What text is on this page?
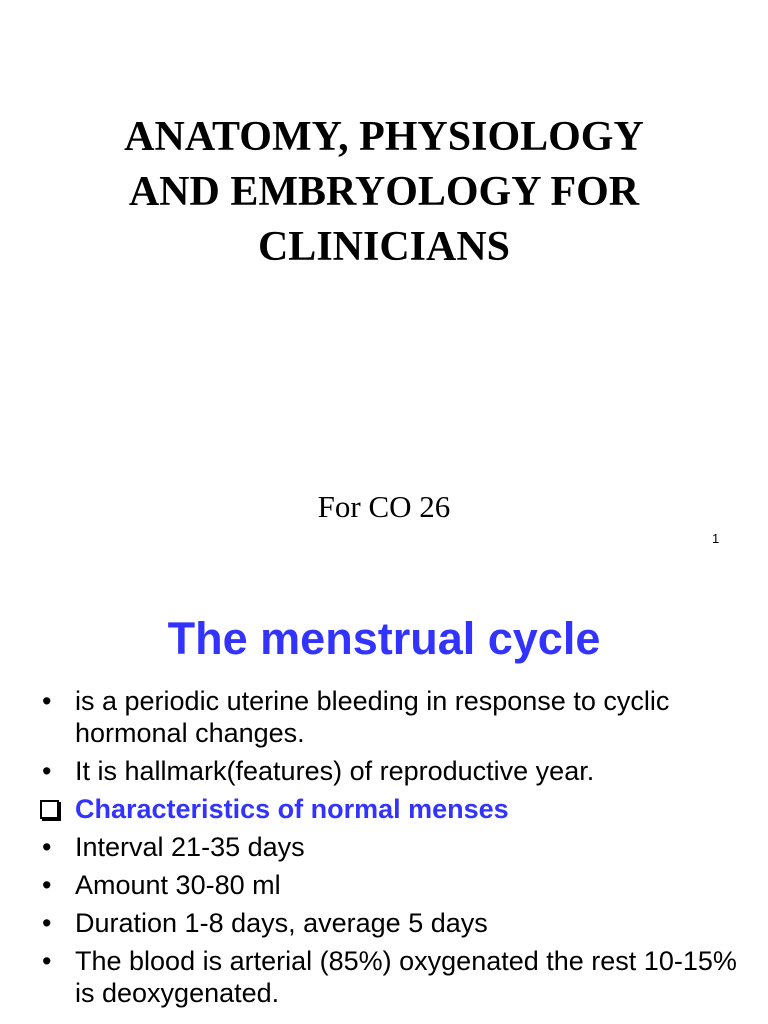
ANATOMY, PHYSIOLOGY
AND EMBRYOLOGY FOR
CLINICIANS
For CO 26
1
The menstrual cycle
• is a periodic uterine bleeding in response to cyclic hormonal changes.
• It is hallmark(features) of reproductive year.
Characteristics of normal menses
• Interval 21-35 days
• Amount 30-80 ml
• Duration 1-8 days, average 5 days
• The blood is arterial (85%) oxygenated the rest 10-15% is deoxygenated.
